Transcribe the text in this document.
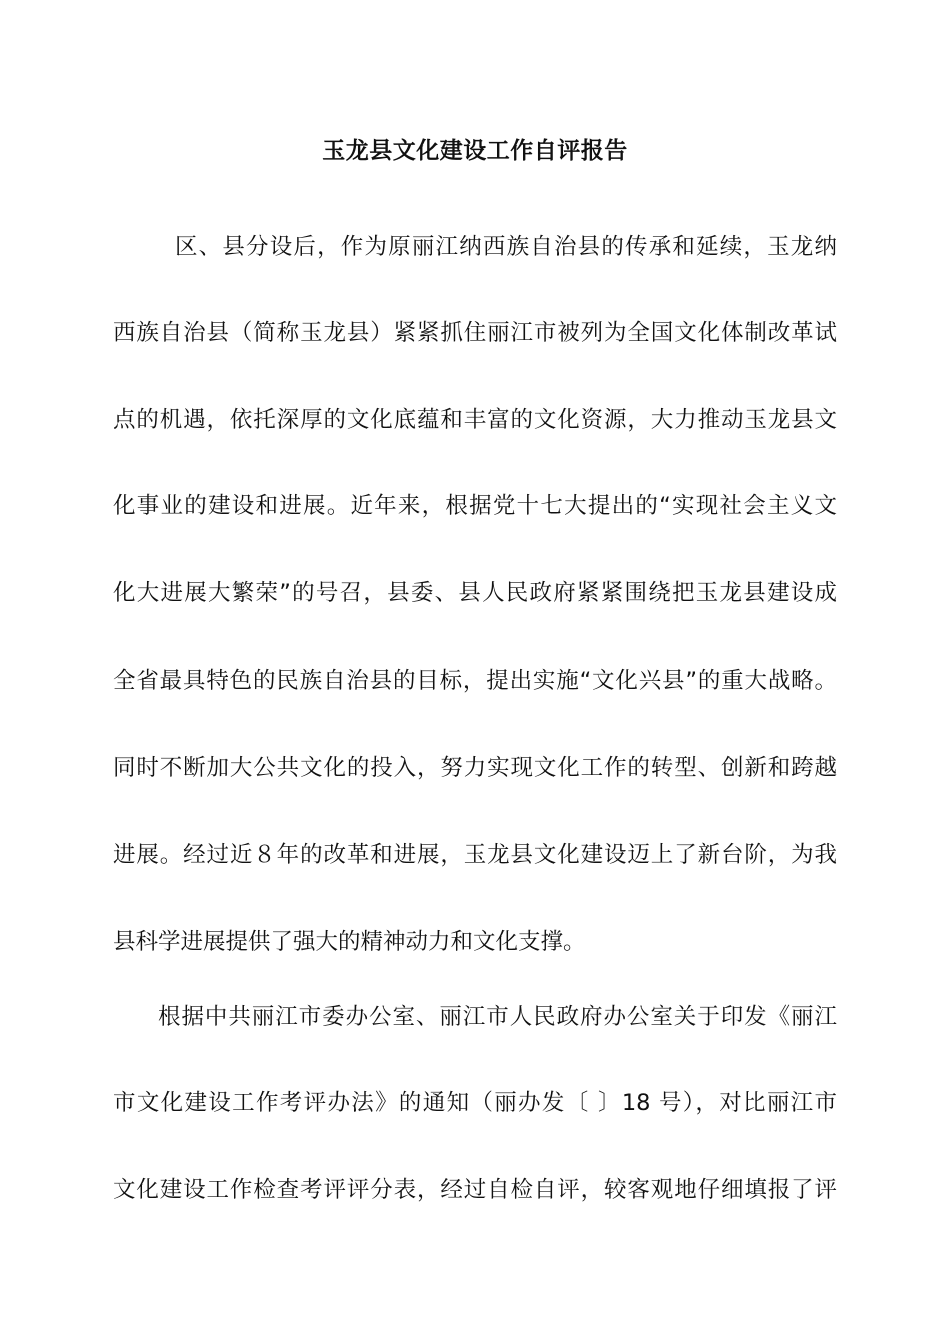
玉龙县文化建设工作自评报告
区、县分设后，作为原丽江纳西族自治县的传承和延续，玉龙纳
西族自治县（简称玉龙县）紧紧抓住丽江市被列为全国文化体制改革试
点的机遇，依托深厚的文化底蕴和丰富的文化资源，大力推动玉龙县文
化事业的建设和进展。近年来，根据党十七大提出的“实现社会主义文
化大进展大繁荣”的号召，县委、县人民政府紧紧围绕把玉龙县建设成
全省最具特色的民族自治县的目标，提出实施“文化兴县”的重大战略。
同时不断加大公共文化的投入，努力实现文化工作的转型、创新和跨越
进展。经过近８年的改革和进展，玉龙县文化建设迈上了新台阶，为我
县科学进展提供了强大的精神动力和文化支撑。
根据中共丽江市委办公室、丽江市人民政府办公室关于印发《丽江
市文化建设工作考评办法》的通知（丽办发〔 〕18 号），对比丽江市
文化建设工作检查考评评分表，经过自检自评，较客观地仔细填报了评
